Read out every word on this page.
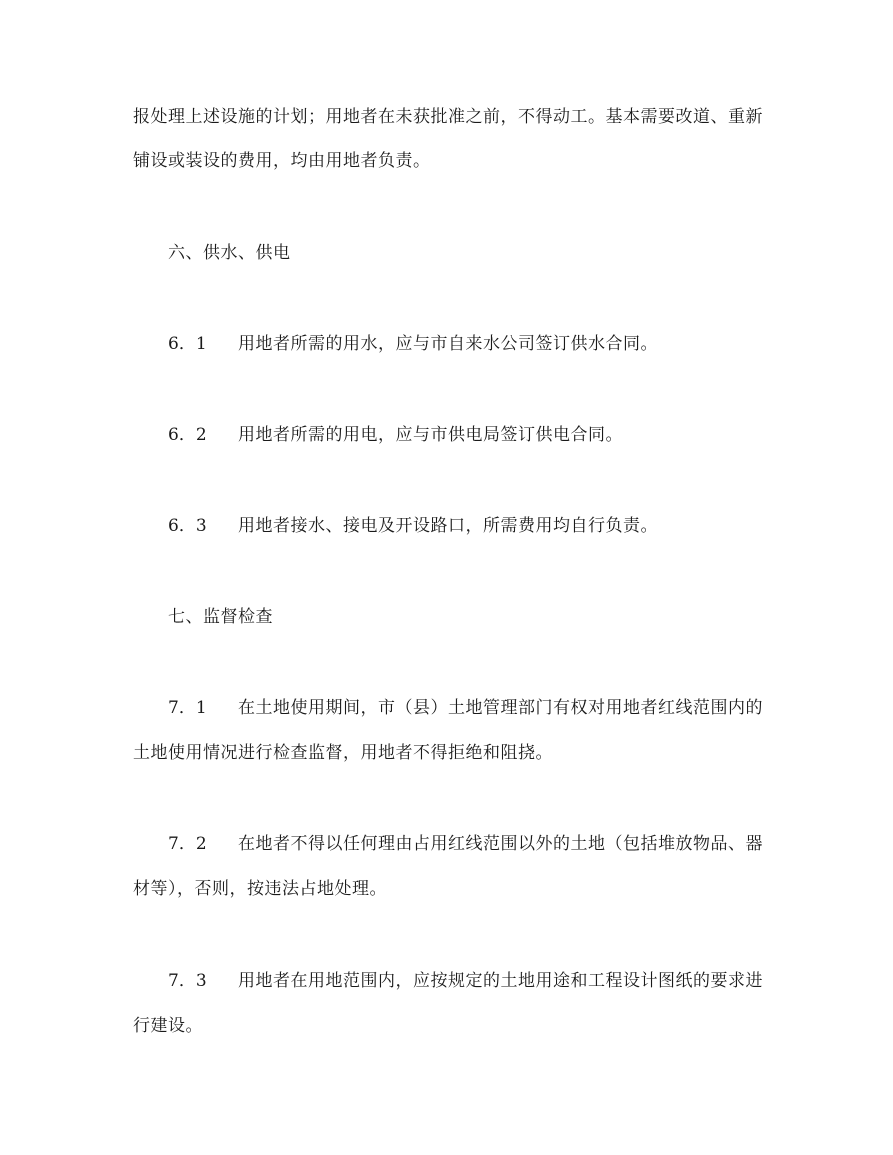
报处理上述设施的计划；用地者在未获批准之前，不得动工。基本需要改道、重新
铺设或装设的费用，均由用地者负责。
六、供水、供电
6．1 用地者所需的用水，应与市自来水公司签订供水合同。
6．2 用地者所需的用电，应与市供电局签订供电合同。
6．3 用地者接水、接电及开设路口，所需费用均自行负责。
七、监督检查
7．1 在土地使用期间，市（县）土地管理部门有权对用地者红线范围内的
土地使用情况进行检查监督，用地者不得拒绝和阻挠。
7．2 在地者不得以任何理由占用红线范围以外的土地（包括堆放物品、器
材等），否则，按违法占地处理。
7．3 用地者在用地范围内，应按规定的土地用途和工程设计图纸的要求进
行建设。
